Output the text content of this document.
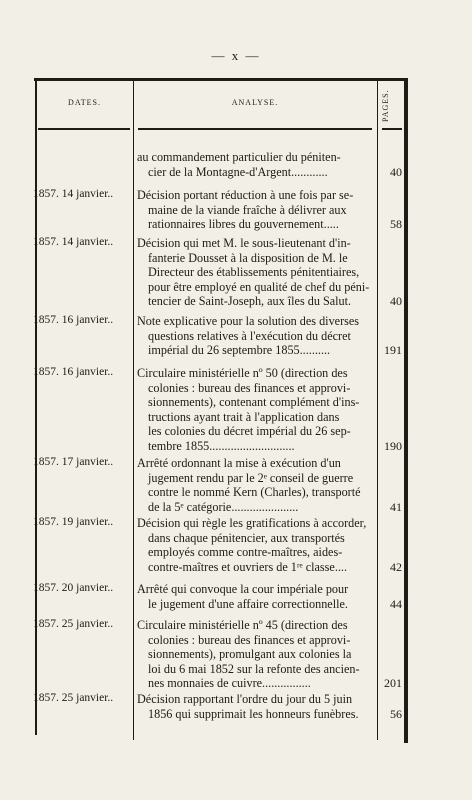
— x —
DATES.	ANALYSE.	PAGES.
au commandement particulier du péniten-
cier de la Montagne-d'Argent............	40
1857. 14 janvier..	Décision portant réduction à une fois par se-
maine de la viande fraîche à délivrer aux
rationnaires libres du gouvernement.....	58
1857. 14 janvier..	Décision qui met M. le sous-lieutenant d'in-
fanterie Dousset à la disposition de M. le
Directeur des établissements pénitentiaires,
pour être employé en qualité de chef du péni-
tencier de Saint-Joseph, aux îles du Salut.	40
1857. 16 janvier..	Note explicative pour la solution des diverses
questions relatives à l'exécution du décret
impérial du 26 septembre 1855..........	191
1857. 16 janvier..	Circulaire ministérielle nº 50 (direction des
colonies : bureau des finances et approvi-
sionnements), contenant complément d'ins-
tructions ayant trait à l'application dans
les colonies du décret impérial du 26 sep-
tembre 1855............................	190
1857. 17 janvier..	Arrêté ordonnant la mise à exécution d'un
jugement rendu par le 2ᵉ conseil de guerre
contre le nommé Kern (Charles), transporté
de la 5ᵉ catégorie......................	41
1857. 19 janvier..	Décision qui règle les gratifications à accorder,
dans chaque pénitencier, aux transportés
employés comme contre-maîtres, aides-
contre-maîtres et ouvriers de 1ʳᵉ classe....	42
1857. 20 janvier..	Arrêté qui convoque la cour impériale pour
le jugement d'une affaire correctionnelle.	44
1857. 25 janvier..	Circulaire ministérielle nº 45 (direction des
colonies : bureau des finances et approvi-
sionnements), promulgant aux colonies la
loi du 6 mai 1852 sur la refonte des ancien-
nes monnaies de cuivre................	201
1857. 25 janvier..	Décision rapportant l'ordre du jour du 5 juin
1856 qui supprimait les honneurs funèbres.	56
